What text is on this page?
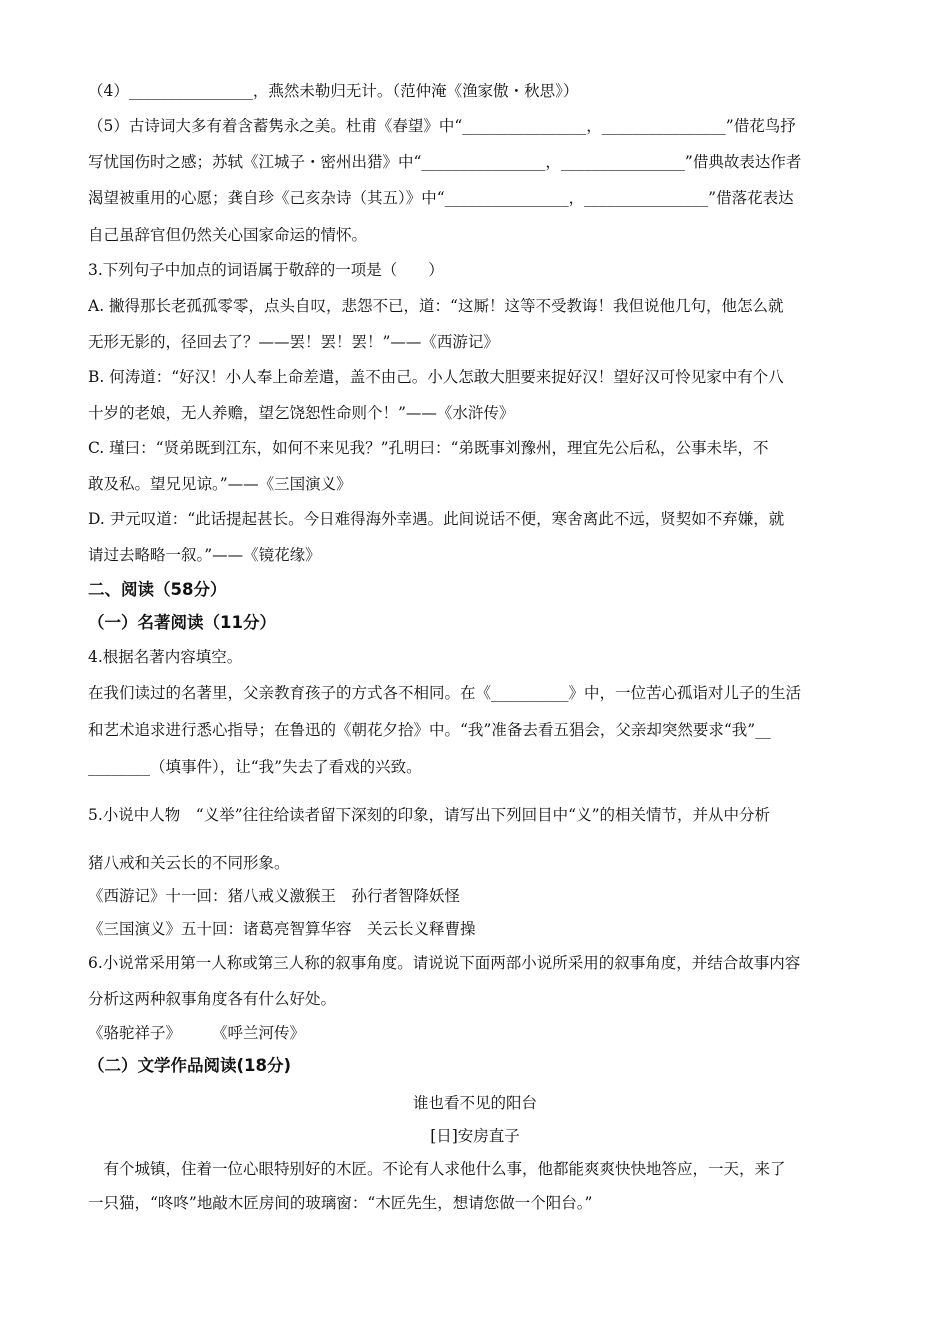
（4）________________，燕然未勒归无计。（范仲淹《渔家傲・秋思》）
（5）古诗词大多有着含蓄隽永之美。杜甫《春望》中“________________，________________”借花鸟抒
写忧国伤时之感；苏轼《江城子・密州出猎》中“________________，________________”借典故表达作者
渴望被重用的心愿；龚自珍《己亥杂诗（其五）》中“________________，________________”借落花表达
自己虽辞官但仍然关心国家命运的情怀。
3.下列句子中加点的词语属于敬辞的一项是（　　）
A. 撇得那长老孤孤零零，点头自叹，悲怨不已，道：“这厮！这等不受教诲！我但说他几句，他怎么就
无形无影的，径回去了？——罢！罢！罢！”——《西游记》
B. 何涛道：“好汉！小人奉上命差遣，盖不由己。小人怎敢大胆要来捉好汉！望好汉可怜见家中有个八
十岁的老娘，无人养赡，望乞饶恕性命则个！”——《水浒传》
C. 瑾曰：“贤弟既到江东，如何不来见我？”孔明曰：“弟既事刘豫州，理宜先公后私，公事未毕，不
敢及私。望兄见谅。”——《三国演义》
D. 尹元叹道：“此话提起甚长。今日难得海外幸遇。此间说话不便，寒舍离此不远，贤契如不弃嫌，就
请过去略略一叙。”——《镜花缘》
二、阅读（58分）
（一）名著阅读（11分）
4.根据名著内容填空。
在我们读过的名著里，父亲教育孩子的方式各不相同。在《__________》中，一位苦心孤诣对儿子的生活
和艺术追求进行悉心指导；在鲁迅的《朝花夕拾》中。“我”准备去看五猖会，父亲却突然要求“我”__
________（填事件），让“我”失去了看戏的兴致。
5.小说中人物　“义举”往往给读者留下深刻的印象，请写出下列回目中“义”的相关情节，并从中分析
猪八戒和关云长的不同形象。
《西游记》十一回：猪八戒义激猴王　孙行者智降妖怪
《三国演义》五十回：诸葛亮智算华容　关云长义释曹操
6.小说常采用第一人称或第三人称的叙事角度。请说说下面两部小说所采用的叙事角度，并结合故事内容
分析这两种叙事角度各有什么好处。
《骆驼祥子》　　　《呼兰河传》
（二）文学作品阅读(18分)
谁也看不见的阳台
[日]安房直子
　有个城镇，住着一位心眼特别好的木匠。不论有人求他什么事，他都能爽爽快快地答应，一天，来了
一只猫，“咚咚”地敲木匠房间的玻璃窗：“木匠先生，想请您做一个阳台。”
